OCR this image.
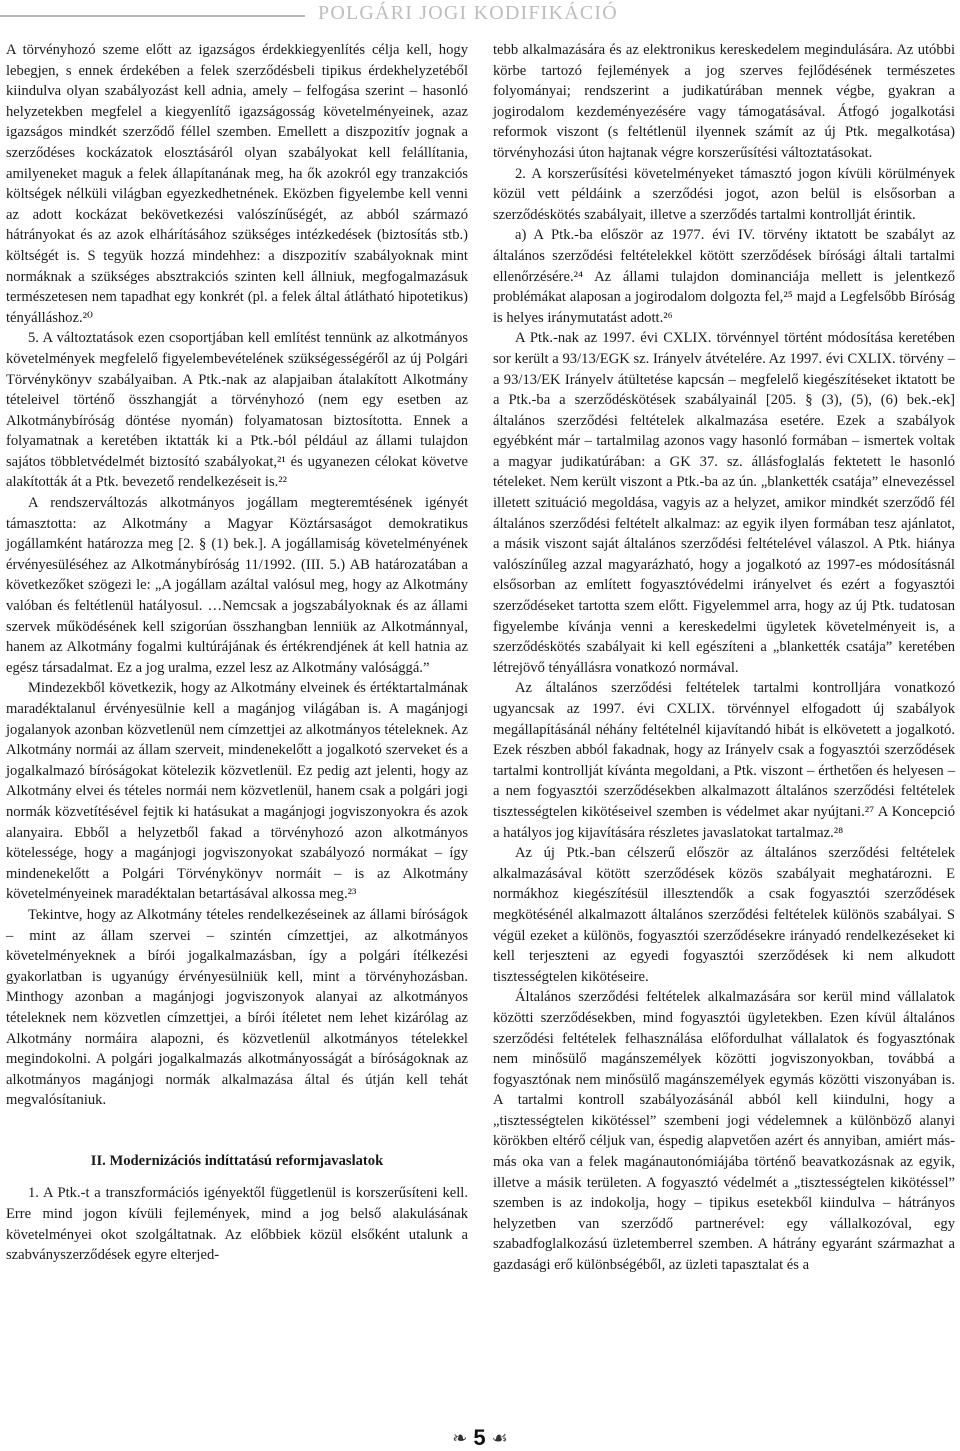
POLGÁRI JOGI KODIFIKÁCIÓ

A törvényhozó szeme előtt az igazságos érdekkiegyenlítés célja kell, hogy lebegjen, s ennek érdekében a felek szerződésbeli tipikus érdekhelyzetéből kiindulva olyan szabályozást kell adnia, amely – felfogása szerint – hasonló helyzetekben megfelel a kiegyenlítő igazságosság követelményeinek, azaz igazságos mindkét szerződő féllel szemben. Emellett a diszpozitív jognak a szerződéses kockázatok elosztásáról olyan szabályokat kell felállítania, amilyeneket maguk a felek állapítanának meg, ha ők azokról egy tranzakciós költségek nélküli világban egyezkedhetnének. Eközben figyelembe kell venni az adott kockázat bekövetkezési valószínűségét, az abból származó hátrányokat és az azok elhárításához szükséges intézkedések (biztosítás stb.) költségét is. S tegyük hozzá mindehhez: a diszpozitív szabályoknak mint normáknak a szükséges absztrakciós szinten kell állniuk, megfogalmazásuk természetesen nem tapadhat egy konkrét (pl. a felek által átlátható hipotetikus) tényálláshoz.²⁰

5. A változtatások ezen csoportjában kell említést tennünk az alkotmányos követelmények megfelelő figyelembevételének szükségességéről az új Polgári Törvénykönyv szabályaiban. A Ptk.-nak az alapjaiban átalakított Alkotmány tételeivel történő összhangját a törvényhozó (nem egy esetben az Alkotmánybíróság döntése nyomán) folyamatosan biztosította. Ennek a folyamatnak a keretében iktatták ki a Ptk.-ból például az állami tulajdon sajátos többletvédelmét biztosító szabályokat,²¹ és ugyanezen célokat követve alakították át a Ptk. bevezető rendelkezéseit is.²²

A rendszerváltozás alkotmányos jogállam megteremtésének igényét támasztotta: az Alkotmány a Magyar Köztársaságot demokratikus jogállamként határozza meg [2. § (1) bek.]. A jogállamiság követelményének érvényesüléséhez az Alkotmánybíróság 11/1992. (III. 5.) AB határozatában a következőket szögezi le: „A jogállam azáltal valósul meg, hogy az Alkotmány valóban és feltétlenül hatályosul. …Nemcsak a jogszabályoknak és az állami szervek működésének kell szigorúan összhangban lenniük az Alkotmánnyal, hanem az Alkotmány fogalmi kultúrájának és értékrendjének át kell hatnia az egész társadalmat. Ez a jog uralma, ezzel lesz az Alkotmány valósággá.”

Mindezekből következik, hogy az Alkotmány elveinek és értéktartalmának maradéktalanul érvényesülnie kell a magánjog világában is. A magánjogi jogalanyok azonban közvetlenül nem címzettjei az alkotmányos tételeknek. Az Alkotmány normái az állam szerveit, mindenekelőtt a jogalkotó szerveket és a jogalkalmazó bíróságokat kötelezik közvetlenül. Ez pedig azt jelenti, hogy az Alkotmány elvei és tételes normái nem közvetlenül, hanem csak a polgári jogi normák közvetítésével fejtik ki hatásukat a magánjogi jogviszonyokra és azok alanyaira. Ebből a helyzetből fakad a törvényhozó azon alkotmányos kötelessége, hogy a magánjogi jogviszonyokat szabályozó normákat – így mindenekelőtt a Polgári Törvénykönyv normáit – is az Alkotmány követelményeinek maradéktalan betartásával alkossa meg.²³

Tekintve, hogy az Alkotmány tételes rendelkezéseinek az állami bíróságok – mint az állam szervei – szintén címzettjei, az alkotmányos követelményeknek a bírói jogalkalmazásban, így a polgári ítélkezési gyakorlatban is ugyanúgy érvényesülniük kell, mint a törvényhozásban. Minthogy azonban a magánjogi jogviszonyok alanyai az alkotmányos tételeknek nem közvetlen címzettjei, a bírói ítéletet nem lehet kizárólag az Alkotmány normáira alapozni, és közvetlenül alkotmányos tételekkel megindokolni. A polgári jogalkalmazás alkotmányosságát a bíróságoknak az alkotmányos magánjogi normák alkalmazása által és útján kell tehát megvalósítaniuk.

II. Modernizációs indíttatású reformjavaslatok

1. A Ptk.-t a transzformációs igényektől függetlenül is korszerűsíteni kell. Erre mind jogon kívüli fejlemények, mind a jog belső alakulásának követelményei okot szolgáltatnak. Az előbbiek közül elsőként utalunk a szabványszerződések egyre elterjed-

tebb alkalmazására és az elektronikus kereskedelem megindulására. Az utóbbi körbe tartozó fejlemények a jog szerves fejlődésének természetes folyományai; rendszerint a judikatúrában mennek végbe, gyakran a jogirodalom kezdeményezésére vagy támogatásával. Átfogó jogalkotási reformok viszont (s feltétlenül ilyennek számít az új Ptk. megalkotása) törvényhozási úton hajtanak végre korszerűsítési változtatásokat.

2. A korszerűsítési követelményeket támasztó jogon kívüli körülmények közül vett példáink a szerződési jogot, azon belül is elsősorban a szerződéskötés szabályait, illetve a szerződés tartalmi kontrollját érintik.

a) A Ptk.-ba először az 1977. évi IV. törvény iktatott be szabályt az általános szerződési feltételekkel kötött szerződések bírósági általi tartalmi ellenőrzésére.²⁴ Az állami tulajdon dominanciája mellett is jelentkező problémákat alaposan a jogirodalom dolgozta fel,²⁵ majd a Legfelsőbb Bíróság is helyes iránymutatást adott.²⁶

A Ptk.-nak az 1997. évi CXLIX. törvénnyel történt módosítása keretében sor került a 93/13/EGK sz. Irányelv átvételére. Az 1997. évi CXLIX. törvény – a 93/13/EK Irányelv átültetése kapcsán – megfelelő kiegészítéseket iktatott be a Ptk.-ba a szerződéskötések szabályainál [205. § (3), (5), (6) bek.-ek] általános szerződési feltételek alkalmazása esetére. Ezek a szabályok egyébként már – tartalmilag azonos vagy hasonló formában – ismertek voltak a magyar judikatúrában: a GK 37. sz. állásfoglalás fektetett le hasonló tételeket. Nem került viszont a Ptk.-ba az ún. „blankették csatája” elnevezéssel illetett szituáció megoldása, vagyis az a helyzet, amikor mindkét szerződő fél általános szerződési feltételt alkalmaz: az egyik ilyen formában tesz ajánlatot, a másik viszont saját általános szerződési feltételével válaszol. A Ptk. hiánya valószínűleg azzal magyarázható, hogy a jogalkotó az 1997-es módosításnál elsősorban az említett fogyasztóvédelmi irányelvet és ezért a fogyasztói szerződéseket tartotta szem előtt. Figyelemmel arra, hogy az új Ptk. tudatosan figyelembe kívánja venni a kereskedelmi ügyletek követelményeit is, a szerződéskötés szabályait ki kell egészíteni a „blankették csatája” keretében létrejövő tényállásra vonatkozó normával.

Az általános szerződési feltételek tartalmi kontrolljára vonatkozó ugyancsak az 1997. évi CXLIX. törvénnyel elfogadott új szabályok megállapításánál néhány feltételnél kijavítandó hibát is elkövetett a jogalkotó. Ezek részben abból fakadnak, hogy az Irányelv csak a fogyasztói szerződések tartalmi kontrollját kívánta megoldani, a Ptk. viszont – érthetően és helyesen – a nem fogyasztói szerződésekben alkalmazott általános szerződési feltételek tisztességtelen kikötéseivel szemben is védelmet akar nyújtani.²⁷ A Koncepció a hatályos jog kijavítására részletes javaslatokat tartalmaz.²⁸

Az új Ptk.-ban célszerű először az általános szerződési feltételek alkalmazásával kötött szerződések közös szabályait meghatározni. E normákhoz kiegészítésül illesztendők a csak fogyasztói szerződések megkötésénél alkalmazott általános szerződési feltételek különös szabályai. S végül ezeket a különös, fogyasztói szerződésekre irányadó rendelkezéseket ki kell terjeszteni az egyedi fogyasztói szerződések ki nem alkudott tisztességtelen kikötéseire.

Általános szerződési feltételek alkalmazására sor kerül mind vállalatok közötti szerződésekben, mind fogyasztói ügyletekben. Ezen kívül általános szerződési feltételek felhasználása előfordulhat vállalatok és fogyasztónak nem minősülő magánszemélyek közötti jogviszonyokban, továbbá a fogyasztónak nem minősülő magánszemélyek egymás közötti viszonyában is. A tartalmi kontroll szabályozásánál abból kell kiindulni, hogy a „tisztességtelen kikötéssel” szembeni jogi védelemnek a különböző alanyi körökben eltérő céljuk van, éspedig alapvetően azért és annyiban, amiért más-más oka van a felek magánautonómiájába történő beavatkozásnak az egyik, illetve a másik területen. A fogyasztó védelmét a „tisztességtelen kikötéssel” szemben is az indokolja, hogy – tipikus esetekből kiindulva – hátrányos helyzetben van szerződő partnerével: egy vállalkozóval, egy szabadfoglalkozású üzletemberrel szemben. A hátrány egyaránt származhat a gazdasági erő különbségéből, az üzleti tapasztalat és a

❧ 5 ☙
